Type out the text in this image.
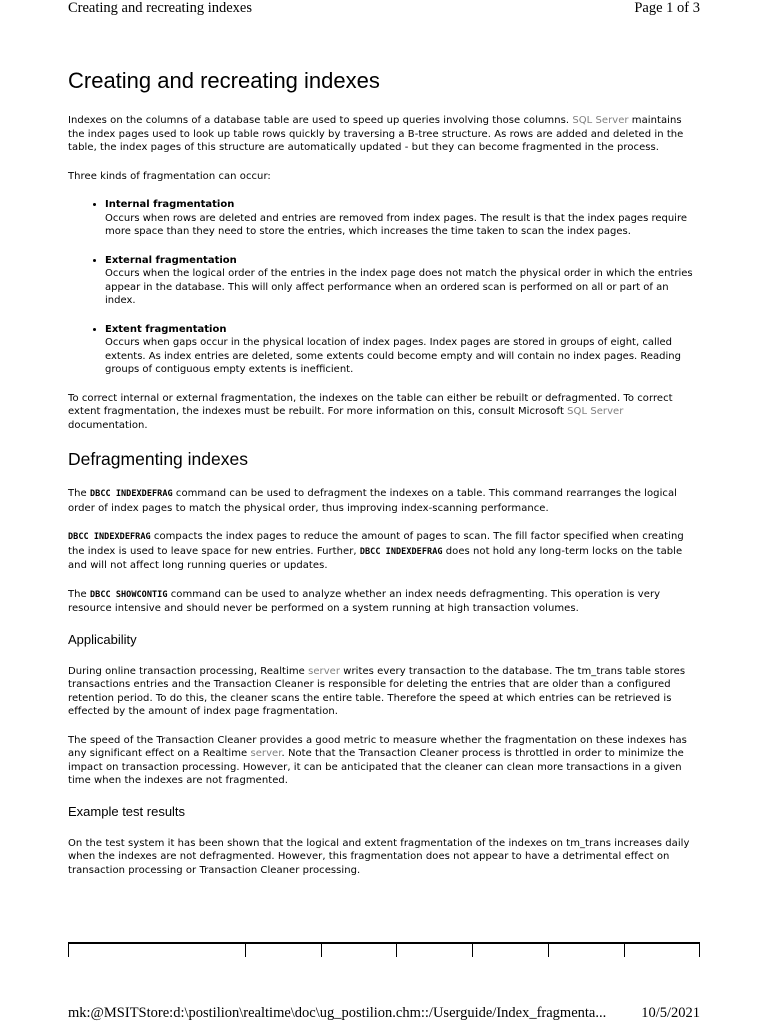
Creating and recreating indexes	Page 1 of 3
Creating and recreating indexes

Indexes on the columns of a database table are used to speed up queries involving those columns. SQL Server maintains the index pages used to look up table rows quickly by traversing a B-tree structure. As rows are added and deleted in the table, the index pages of this structure are automatically updated - but they can become fragmented in the process.

Three kinds of fragmentation can occur:

• Internal fragmentation
Occurs when rows are deleted and entries are removed from index pages. The result is that the index pages require more space than they need to store the entries, which increases the time taken to scan the index pages.
• External fragmentation
Occurs when the logical order of the entries in the index page does not match the physical order in which the entries appear in the database. This will only affect performance when an ordered scan is performed on all or part of an index.
• Extent fragmentation
Occurs when gaps occur in the physical location of index pages. Index pages are stored in groups of eight, called extents. As index entries are deleted, some extents could become empty and will contain no index pages. Reading groups of contiguous empty extents is inefficient.

To correct internal or external fragmentation, the indexes on the table can either be rebuilt or defragmented. To correct extent fragmentation, the indexes must be rebuilt. For more information on this, consult Microsoft SQL Server documentation.

Defragmenting indexes

The DBCC INDEXDEFRAG command can be used to defragment the indexes on a table. This command rearranges the logical order of index pages to match the physical order, thus improving index-scanning performance.

DBCC INDEXDEFRAG compacts the index pages to reduce the amount of pages to scan. The fill factor specified when creating the index is used to leave space for new entries. Further, DBCC INDEXDEFRAG does not hold any long-term locks on the table and will not affect long running queries or updates.

The DBCC SHOWCONTIG command can be used to analyze whether an index needs defragmenting. This operation is very resource intensive and should never be performed on a system running at high transaction volumes.

Applicability

During online transaction processing, Realtime server writes every transaction to the database. The tm_trans table stores transactions entries and the Transaction Cleaner is responsible for deleting the entries that are older than a configured retention period. To do this, the cleaner scans the entire table. Therefore the speed at which entries can be retrieved is effected by the amount of index page fragmentation.

The speed of the Transaction Cleaner provides a good metric to measure whether the fragmentation on these indexes has any significant effect on a Realtime server. Note that the Transaction Cleaner process is throttled in order to minimize the impact on transaction processing. However, it can be anticipated that the cleaner can clean more transactions in a given time when the indexes are not fragmented.

Example test results

On the test system it has been shown that the logical and extent fragmentation of the indexes on tm_trans increases daily when the indexes are not defragmented. However, this fragmentation does not appear to have a detrimental effect on transaction processing or Transaction Cleaner processing.

mk:@MSITStore:d:\postilion\realtime\doc\ug_postilion.chm::/Userguide/Index_fragmenta... 10/5/2021
